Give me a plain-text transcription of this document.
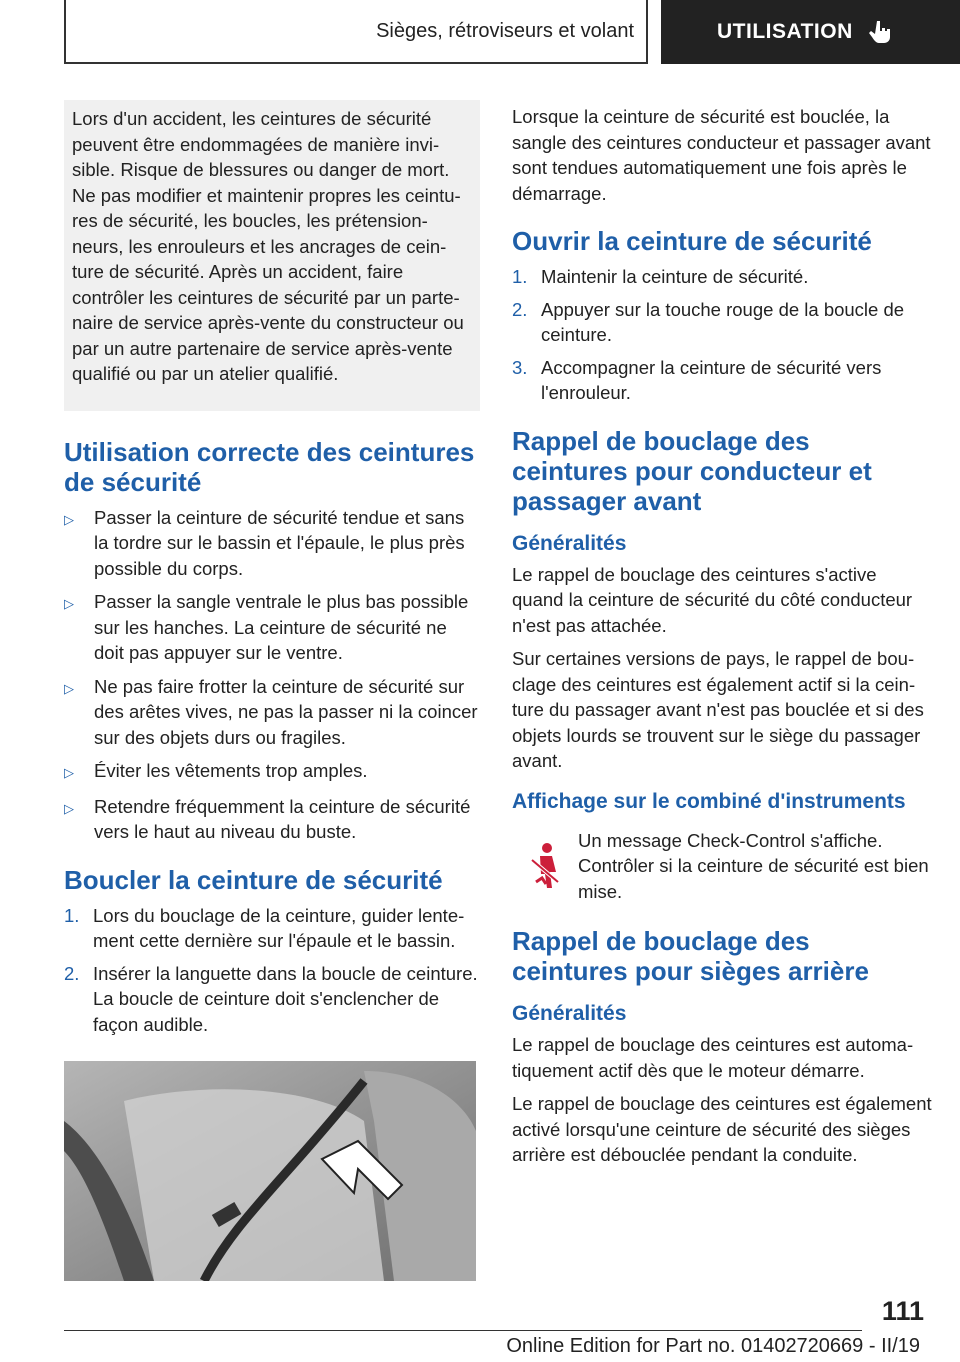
Sièges, rétroviseurs et volant	UTILISATION
Lors d'un accident, les ceintures de sécurité peuvent être endommagées de manière invisible. Risque de blessures ou danger de mort. Ne pas modifier et maintenir propres les ceintures de sécurité, les boucles, les prétensionneurs, les enrouleurs et les ancrages de ceinture de sécurité. Après un accident, faire contrôler les ceintures de sécurité par un partenaire de service après-vente du constructeur ou par un autre partenaire de service après-vente qualifié ou par un atelier qualifié.
Utilisation correcte des ceintures de sécurité
▷	Passer la ceinture de sécurité tendue et sans la tordre sur le bassin et l'épaule, le plus près possible du corps.
▷	Passer la sangle ventrale le plus bas possible sur les hanches. La ceinture de sécurité ne doit pas appuyer sur le ventre.
▷	Ne pas faire frotter la ceinture de sécurité sur des arêtes vives, ne pas la passer ni la coincer sur des objets durs ou fragiles.
▷	Éviter les vêtements trop amples.
▷	Retendre fréquemment la ceinture de sécurité vers le haut au niveau du buste.
Boucler la ceinture de sécurité
1. Lors du bouclage de la ceinture, guider lentement cette dernière sur l'épaule et le bassin.
2. Insérer la languette dans la boucle de ceinture. La boucle de ceinture doit s'enclencher de façon audible.

Lorsque la ceinture de sécurité est bouclée, la sangle des ceintures conducteur et passager avant sont tendues automatiquement une fois après le démarrage.

Ouvrir la ceinture de sécurité
1. Maintenir la ceinture de sécurité.
2. Appuyer sur la touche rouge de la boucle de ceinture.
3. Accompagner la ceinture de sécurité vers l'enrouleur.
Rappel de bouclage des ceintures pour conducteur et passager avant
Généralités

Le rappel de bouclage des ceintures s'active quand la ceinture de sécurité du côté conducteur n'est pas attachée.

Sur certaines versions de pays, le rappel de bouclage des ceintures est également actif si la ceinture du passager avant n'est pas bouclée et si des objets lourds se trouvent sur le siège du passager avant.

Affichage sur le combiné d'instruments

Un message Check-Control s'affiche. Contrôler si la ceinture de sécurité est bien mise.

Rappel de bouclage des ceintures pour sièges arrière
Généralités

Le rappel de bouclage des ceintures est automatiquement actif dès que le moteur démarre.

Le rappel de bouclage des ceintures est également activé lorsqu'une ceinture de sécurité des sièges arrière est débouclée pendant la conduite.

111
Online Edition for Part no. 01402720669 - II/19
